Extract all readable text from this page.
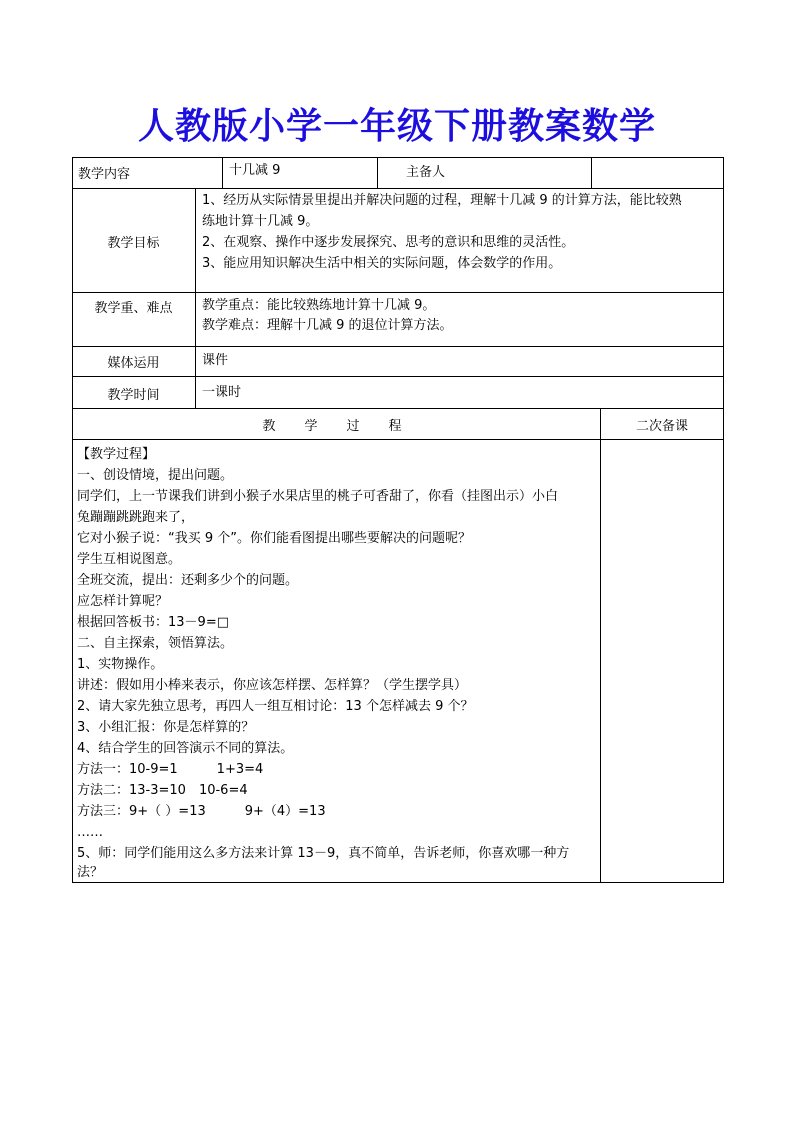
人教版小学一年级下册教案数学
教学内容	十几减 9	主备人
教学目标
1、经历从实际情景里提出并解决问题的过程，理解十几减 9 的计算方法，能比较熟
练地计算十几减 9。
2、在观察、操作中逐步发展探究、思考的意识和思维的灵活性。
3、能应用知识解决生活中相关的实际问题，体会数学的作用。
教学重、难点	教学重点：能比较熟练地计算十几减 9。
教学难点：理解十几减 9 的退位计算方法。
媒体运用	课件
教学时间	一课时
教　学　过　程	二次备课
【教学过程】
一、创设情境，提出问题。
同学们，上一节课我们讲到小猴子水果店里的桃子可香甜了，你看（挂图出示）小白
兔蹦蹦跳跳跑来了，
它对小猴子说：“我买 9 个”。你们能看图提出哪些要解决的问题呢？
学生互相说图意。
全班交流，提出：还剩多少个的问题。
应怎样计算呢？
根据回答板书：13－9=□
二、自主探索，领悟算法。
1、实物操作。
讲述：假如用小棒来表示，你应该怎样摆、怎样算？（学生摆学具）
2、请大家先独立思考，再四人一组互相讨论：13 个怎样减去 9 个？
3、小组汇报：你是怎样算的？
4、结合学生的回答演示不同的算法。
方法一：10-9=1　　　1+3=4
方法二：13-3=10　10-6=4
方法三：9+（ ）=13　　　9+（4）=13
……
5、师：同学们能用这么多方法来计算 13－9，真不简单，告诉老师，你喜欢哪一种方
法？
